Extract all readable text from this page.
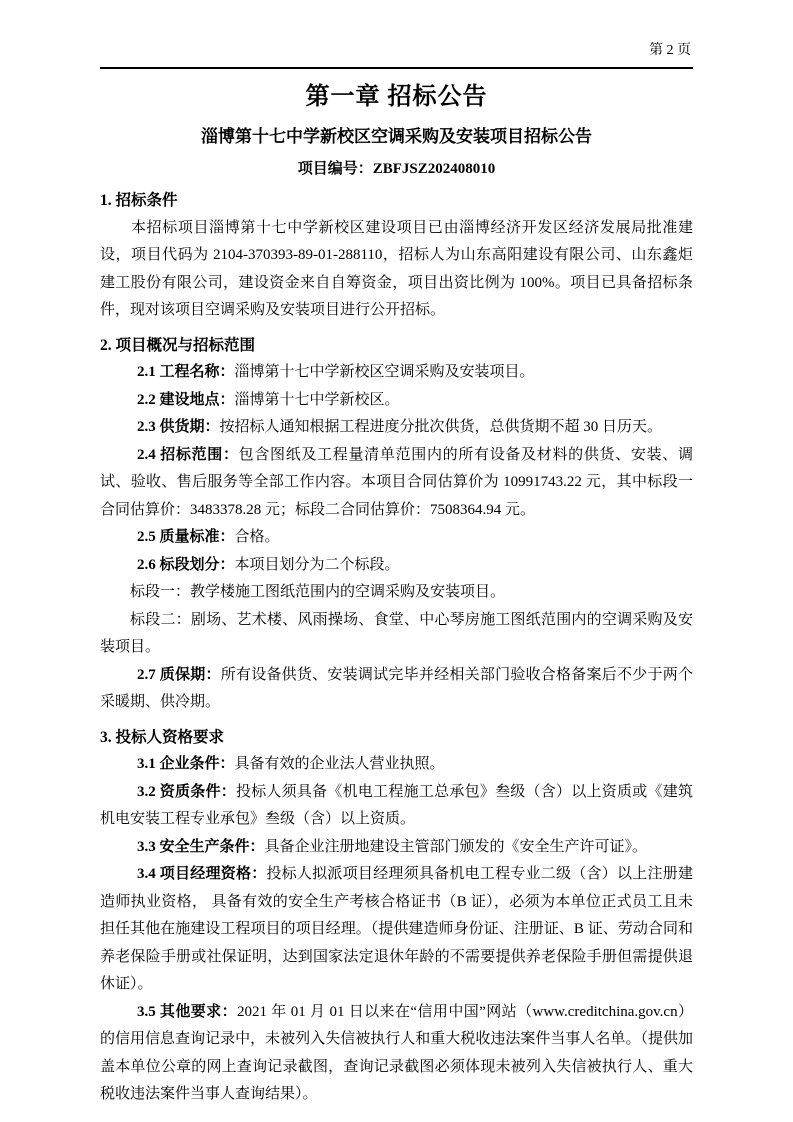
第 2 页
第一章 招标公告
淄博第十七中学新校区空调采购及安装项目招标公告
项目编号：ZBFJSZ202408010
1. 招标条件

本招标项目淄博第十七中学新校区建设项目已由淄博经济开发区经济发展局批准建设，项目代码为 2104-370393-89-01-288110，招标人为山东高阳建设有限公司、山东鑫炬建工股份有限公司，建设资金来自自筹资金，项目出资比例为 100%。项目已具备招标条件，现对该项目空调采购及安装项目进行公开招标。

2. 项目概况与招标范围

2.1 工程名称：淄博第十七中学新校区空调采购及安装项目。

2.2 建设地点：淄博第十七中学新校区。

2.3 供货期：按招标人通知根据工程进度分批次供货，总供货期不超 30 日历天。

2.4 招标范围：包含图纸及工程量清单范围内的所有设备及材料的供货、安装、调试、验收、售后服务等全部工作内容。本项目合同估算价为 10991743.22 元，其中标段一合同估算价：3483378.28 元；标段二合同估算价：7508364.94 元。

2.5 质量标准：合格。

2.6 标段划分：本项目划分为二个标段。

标段一：教学楼施工图纸范围内的空调采购及安装项目。

标段二：剧场、艺术楼、风雨操场、食堂、中心琴房施工图纸范围内的空调采购及安装项目。

2.7 质保期：所有设备供货、安装调试完毕并经相关部门验收合格备案后不少于两个采暖期、供冷期。

3. 投标人资格要求

3.1 企业条件：具备有效的企业法人营业执照。

3.2 资质条件：投标人须具备《机电工程施工总承包》叁级（含）以上资质或《建筑机电安装工程专业承包》叁级（含）以上资质。

3.3 安全生产条件：具备企业注册地建设主管部门颁发的《安全生产许可证》。

3.4 项目经理资格：投标人拟派项目经理须具备机电工程专业二级（含）以上注册建造师执业资格， 具备有效的安全生产考核合格证书（B 证），必须为本单位正式员工且未担任其他在施建设工程项目的项目经理。（提供建造师身份证、注册证、B 证、劳动合同和养老保险手册或社保证明，达到国家法定退休年龄的不需要提供养老保险手册但需提供退休证）。

3.5 其他要求：2021 年 01 月 01 日以来在“信用中国”网站（www.creditchina.gov.cn）的信用信息查询记录中，未被列入失信被执行人和重大税收违法案件当事人名单。（提供加盖本单位公章的网上查询记录截图，查询记录截图必须体现未被列入失信被执行人、重大税收违法案件当事人查询结果）。
